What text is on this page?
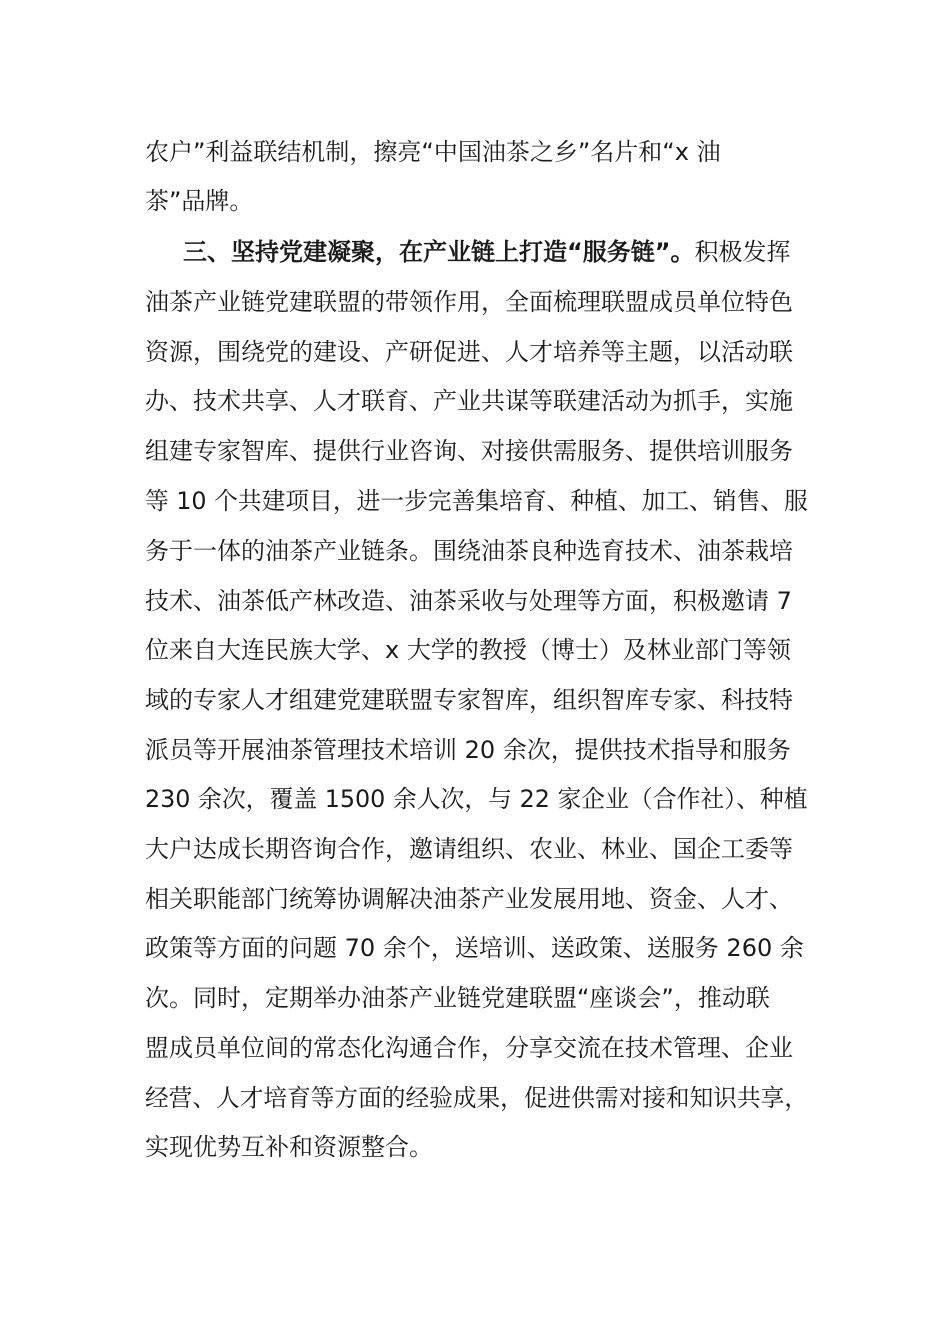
农户”利益联结机制，擦亮“中国油茶之乡”名片和“x 油
茶”品牌。
三、坚持党建凝聚，在产业链上打造“服务链”。积极发挥
油茶产业链党建联盟的带领作用，全面梳理联盟成员单位特色
资源，围绕党的建设、产研促进、人才培养等主题，以活动联
办、技术共享、人才联育、产业共谋等联建活动为抓手，实施
组建专家智库、提供行业咨询、对接供需服务、提供培训服务
等 10 个共建项目，进一步完善集培育、种植、加工、销售、服
务于一体的油茶产业链条。围绕油茶良种选育技术、油茶栽培
技术、油茶低产林改造、油茶采收与处理等方面，积极邀请 7
位来自大连民族大学、x 大学的教授（博士）及林业部门等领
域的专家人才组建党建联盟专家智库，组织智库专家、科技特
派员等开展油茶管理技术培训 20 余次，提供技术指导和服务
230 余次，覆盖 1500 余人次，与 22 家企业（合作社）、种植
大户达成长期咨询合作，邀请组织、农业、林业、国企工委等
相关职能部门统筹协调解决油茶产业发展用地、资金、人才、
政策等方面的问题 70 余个，送培训、送政策、送服务 260 余
次。同时，定期举办油茶产业链党建联盟“座谈会”，推动联
盟成员单位间的常态化沟通合作，分享交流在技术管理、企业
经营、人才培育等方面的经验成果，促进供需对接和知识共享，
实现优势互补和资源整合。
